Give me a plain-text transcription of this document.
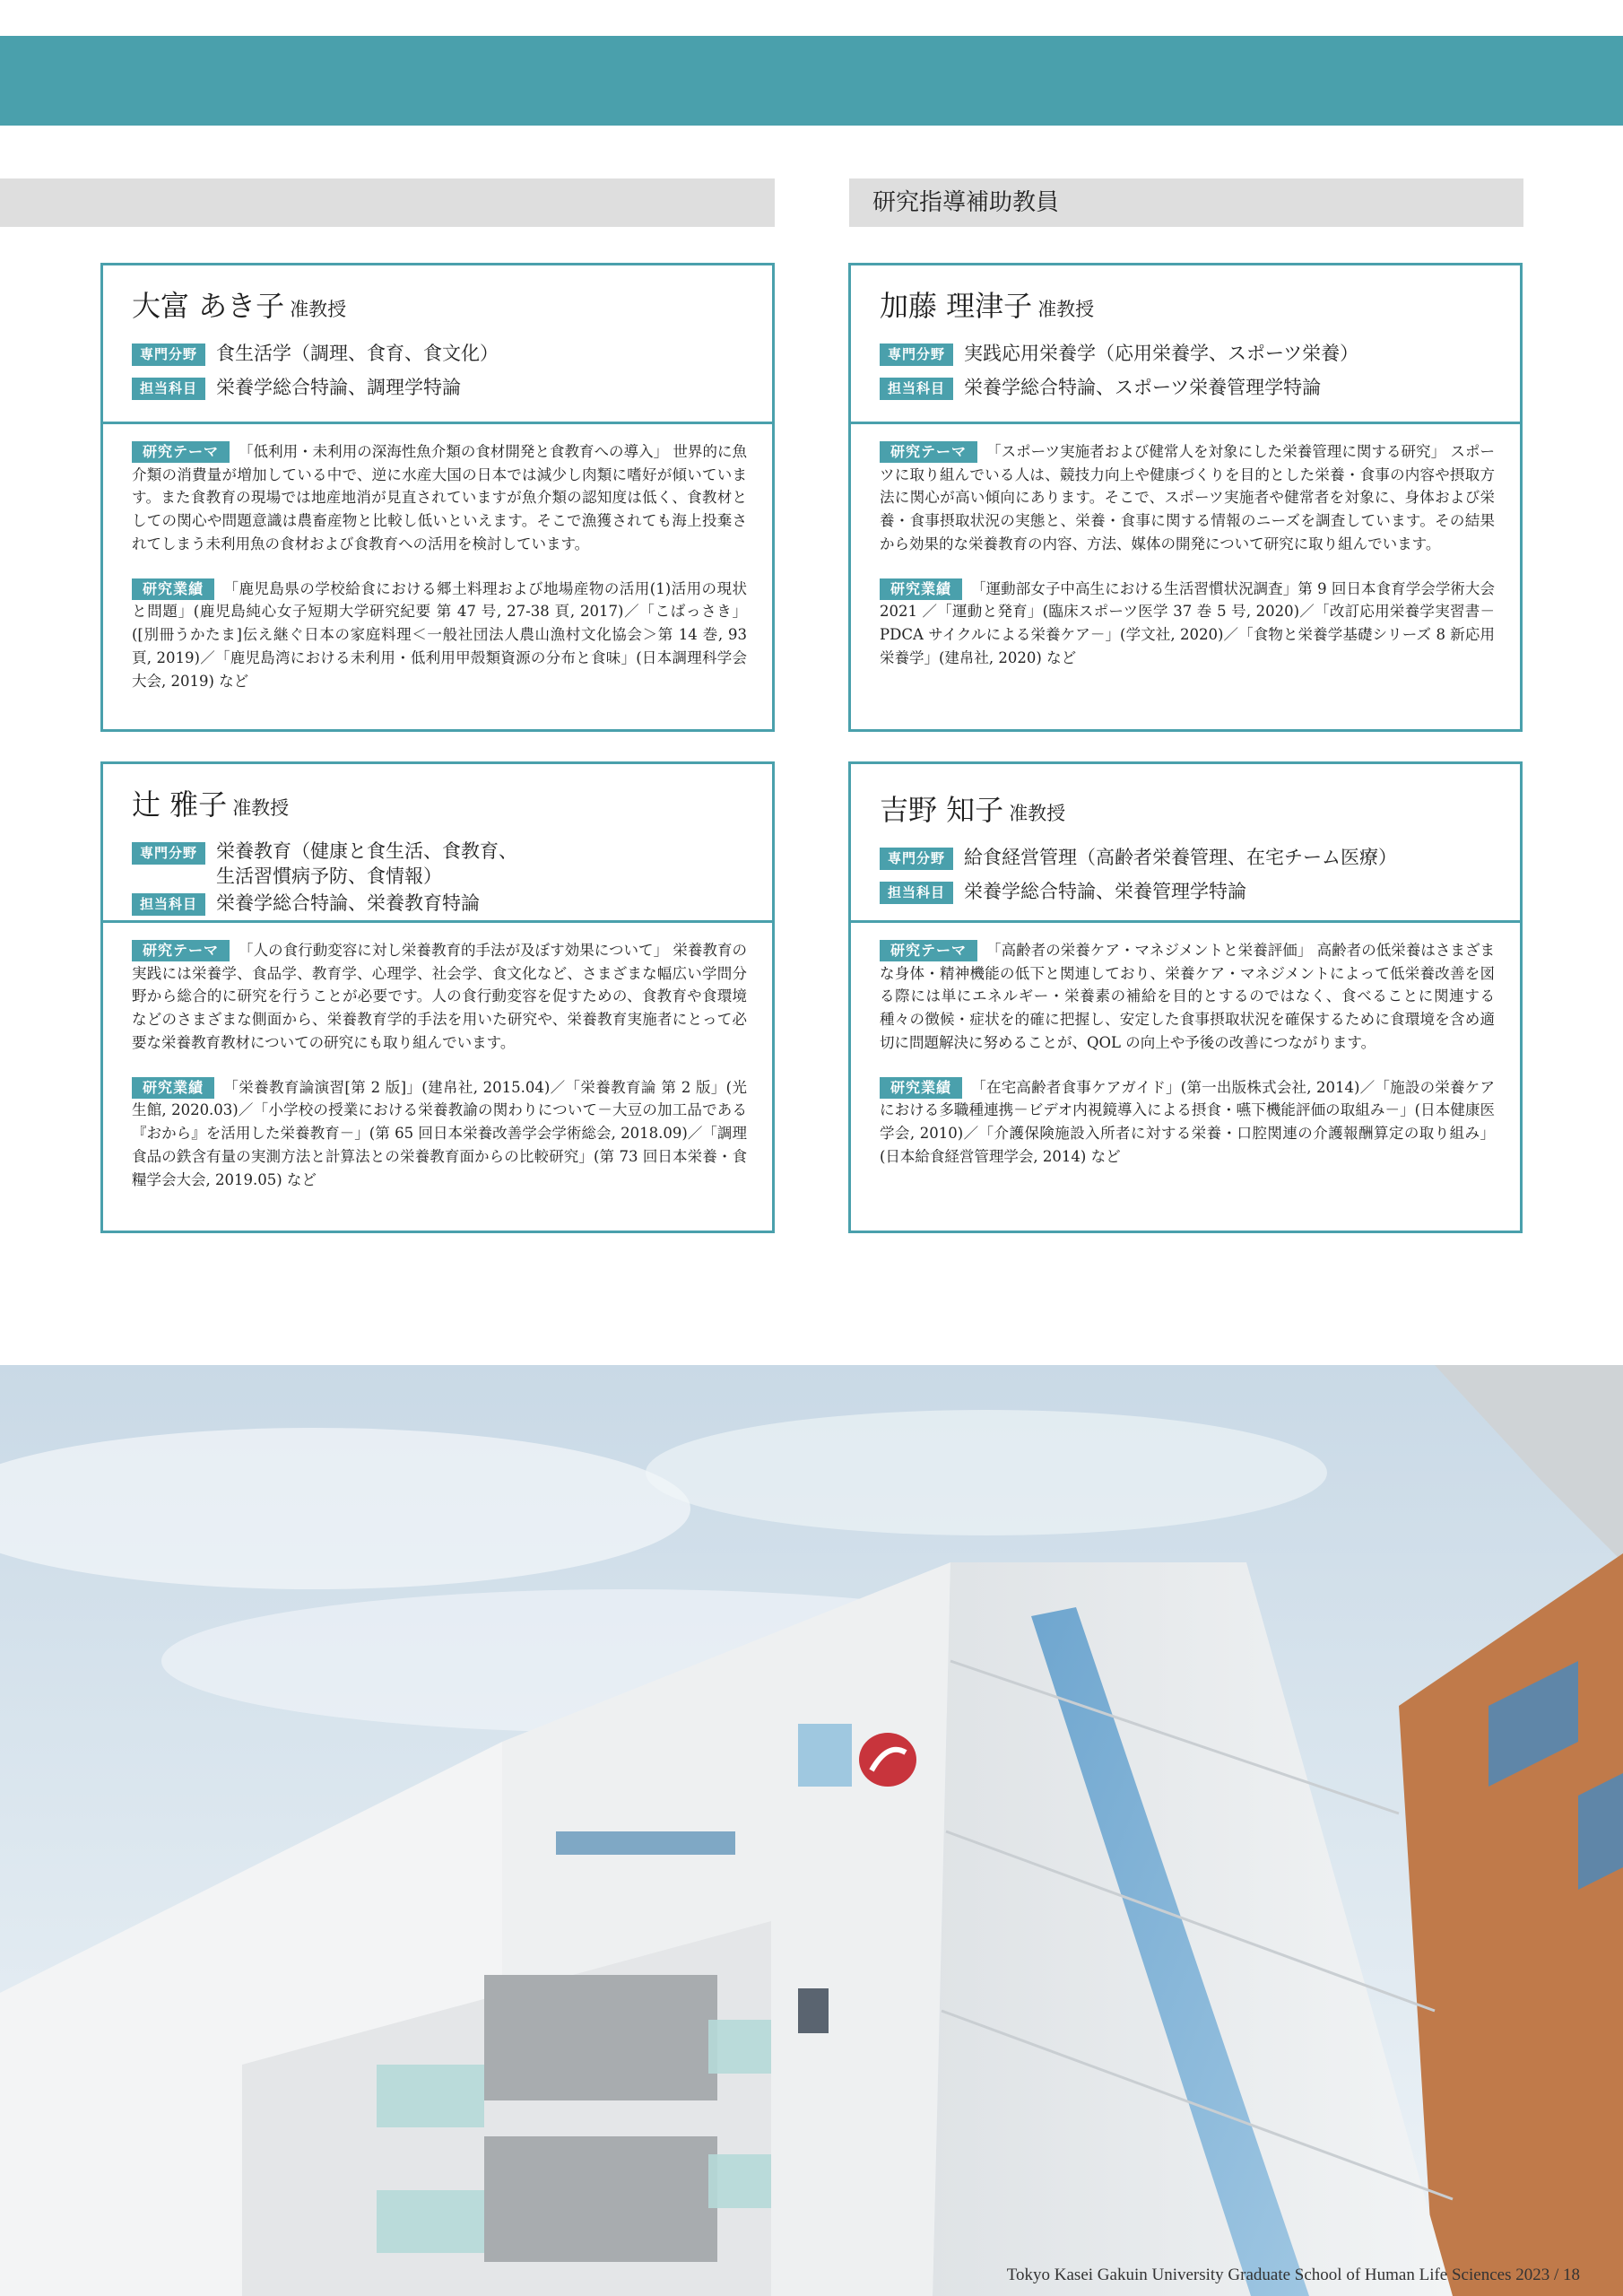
研究指導補助教員
大富 あき子 准教授
専門分野	食生活学（調理、食育、食文化）
担当科目	栄養学総合特論、調理学特論

研究テーマ 「低利用・未利用の深海性魚介類の食材開発と食教育への導入」 世界的に魚介類の消費量が増加している中で、逆に水産大国の日本では減少し肉類に嗜好が傾いています。また食教育の現場では地産地消が見直されていますが魚介類の認知度は低く、食教材としての関心や問題意識は農畜産物と比較し低いといえます。そこで漁獲されても海上投棄されてしまう未利用魚の食材および食教育への活用を検討しています。

研究業績 「鹿児島県の学校給食における郷土料理および地場産物の活用(1)活用の現状と問題」(鹿児島純心女子短期大学研究紀要 第 47 号, 27-38 頁, 2017)／「こばっさき」([別冊うかたま]伝え継ぐ日本の家庭料理＜一般社団法人農山漁村文化協会＞第 14 巻, 93 頁, 2019)／「鹿児島湾における未利用・低利用甲殻類資源の分布と食味」(日本調理科学会大会, 2019) など

加藤 理津子 准教授
専門分野	実践応用栄養学（応用栄養学、スポーツ栄養）
担当科目	栄養学総合特論、スポーツ栄養管理学特論

研究テーマ 「スポーツ実施者および健常人を対象にした栄養管理に関する研究」 スポーツに取り組んでいる人は、競技力向上や健康づくりを目的とした栄養・食事の内容や摂取方法に関心が高い傾向にあります。そこで、スポーツ実施者や健常者を対象に、身体および栄養・食事摂取状況の実態と、栄養・食事に関する情報のニーズを調査しています。その結果から効果的な栄養教育の内容、方法、媒体の開発について研究に取り組んでいます。

研究業績 「運動部女子中高生における生活習慣状況調査」第 9 回日本食育学会学術大会 2021 ／「運動と発育」(臨床スポーツ医学 37 巻 5 号, 2020)／「改訂応用栄養学実習書－PDCA サイクルによる栄養ケア－」(学文社, 2020)／「食物と栄養学基礎シリーズ 8 新応用栄養学」(建帛社, 2020) など

辻 雅子 准教授
専門分野	栄養教育（健康と食生活、食教育、
生活習慣病予防、食情報）
担当科目	栄養学総合特論、栄養教育特論

研究テーマ 「人の食行動変容に対し栄養教育的手法が及ぼす効果について」 栄養教育の実践には栄養学、食品学、教育学、心理学、社会学、食文化など、さまざまな幅広い学問分野から総合的に研究を行うことが必要です。人の食行動変容を促すための、食教育や食環境などのさまざまな側面から、栄養教育学的手法を用いた研究や、栄養教育実施者にとって必要な栄養教育教材についての研究にも取り組んでいます。

研究業績 「栄養教育論演習[第 2 版]」(建帛社, 2015.04)／「栄養教育論 第 2 版」(光生館, 2020.03)／「小学校の授業における栄養教諭の関わりについて－大豆の加工品である『おから』を活用した栄養教育－」(第 65 回日本栄養改善学会学術総会, 2018.09)／「調理食品の鉄含有量の実測方法と計算法との栄養教育面からの比較研究」(第 73 回日本栄養・食糧学会大会, 2019.05) など

吉野 知子 准教授
専門分野	給食経営管理（高齢者栄養管理、在宅チーム医療）
担当科目	栄養学総合特論、栄養管理学特論

研究テーマ 「高齢者の栄養ケア・マネジメントと栄養評価」 高齢者の低栄養はさまざまな身体・精神機能の低下と関連しており、栄養ケア・マネジメントによって低栄養改善を図る際には単にエネルギー・栄養素の補給を目的とするのではなく、食べることに関連する種々の徴候・症状を的確に把握し、安定した食事摂取状況を確保するために食環境を含め適切に問題解決に努めることが、QOL の向上や予後の改善につながります。

研究業績 「在宅高齢者食事ケアガイド」(第一出版株式会社, 2014)／「施設の栄養ケアにおける多職種連携－ビデオ内視鏡導入による摂食・嚥下機能評価の取組み－」(日本健康医学会, 2010)／「介護保険施設入所者に対する栄養・口腔関連の介護報酬算定の取り組み」(日本給食経営管理学会, 2014) など

Tokyo Kasei Gakuin University Graduate School of Human Life Sciences 2023 / 18
